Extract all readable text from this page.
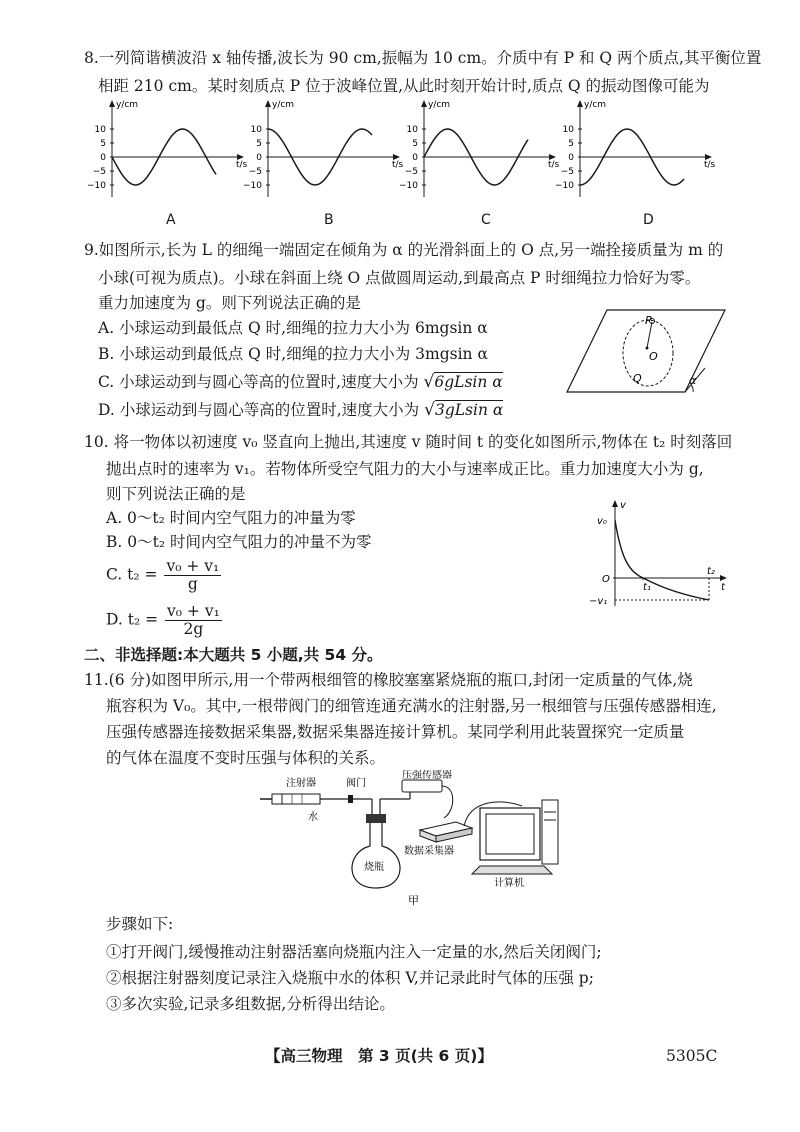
8.一列简谐横波沿 x 轴传播,波长为 90 cm,振幅为 10 cm。介质中有 P 和 Q 两个质点,其平衡位置
相距 210 cm。某时刻质点 P 位于波峰位置,从此时刻开始计时,质点 Q 的振动图像可能为
y/cm
t/s
10
5
0
−5
−10
y/cm
t/s
10
5
0
−5
−10
y/cm
t/s
10
5
0
−5
−10
y/cm
t/s
10
5
0
−5
−10
A	B	C	D
9.如图所示,长为 L 的细绳一端固定在倾角为 α 的光滑斜面上的 O 点,另一端拴接质量为 m 的
小球(可视为质点)。小球在斜面上绕 O 点做圆周运动,到最高点 P 时细绳拉力恰好为零。
重力加速度为 g。则下列说法正确的是
A. 小球运动到最低点 Q 时,细绳的拉力大小为 6mgsin α
B. 小球运动到最低点 Q 时,细绳的拉力大小为 3mgsin α
C. 小球运动到与圆心等高的位置时,速度大小为 √6gLsin α
D. 小球运动到与圆心等高的位置时,速度大小为 √3gLsin α
P
O
Q	α
10. 将一物体以初速度 v₀ 竖直向上抛出,其速度 v 随时间 t 的变化如图所示,物体在 t₂ 时刻落回
抛出点时的速率为 v₁。若物体所受空气阻力的大小与速率成正比。重力加速度大小为 g,
则下列说法正确的是
A. 0～t₂ 时间内空气阻力的冲量为零
B. 0～t₂ 时间内空气阻力的冲量不为零
C. $t_2 = \frac{\text{v₀ + v₁}}{g}$
D. $t_2 = \frac{\text{v₀ + v₁}}{2g}$
v₀
v
O
t₁
t₂
t
−v₁
二、非选择题:本大题共 5 小题,共 54 分。
11.(6 分)如图甲所示,用一个带两根细管的橡胶塞塞紧烧瓶的瓶口,封闭一定质量的气体,烧
瓶容积为 V₀。其中,一根带阀门的细管连通充满水的注射器,另一根细管与压强传感器相连,
压强传感器连接数据采集器,数据采集器连接计算机。某同学利用此装置探究一定质量
的气体在温度不变时压强与体积的关系。
注射器	阀门
压强传感器
水
数据采集器
烧瓶
计算机
甲
步骤如下:
①打开阀门,缓慢推动注射器活塞向烧瓶内注入一定量的水,然后关闭阀门;
②根据注射器刻度记录注入烧瓶中水的体积 V,并记录此时气体的压强 p;
③多次实验,记录多组数据,分析得出结论。
【高三物理　第 3 页(共 6 页)】	5305C
